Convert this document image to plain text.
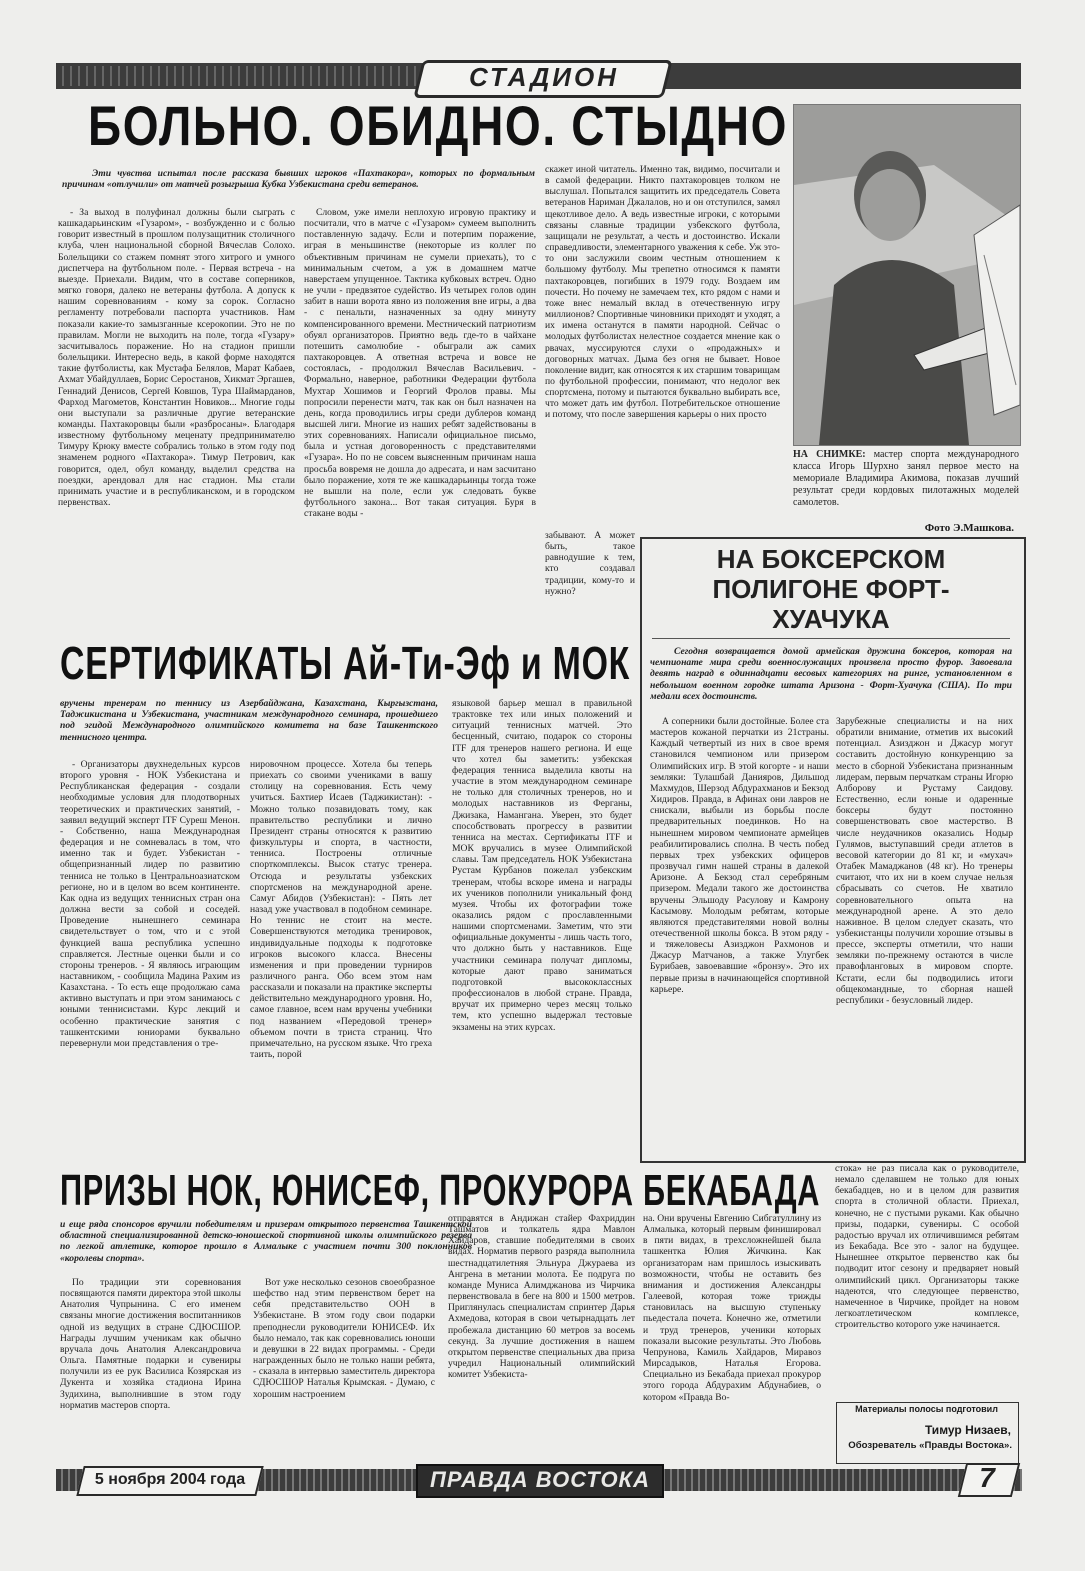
СТАДИОН
БОЛЬНО. ОБИДНО. СТЫДНО
Эти чувства испытал после рассказа бывших игроков «Пахтакора», которых по формальным причинам «отлучили» от матчей розыгрыша Кубка Узбекистана среди ветеранов.

- За выход в полуфинал должны были сыграть с кашкадарьинским «Гузаром», - возбужденно и с болью говорит известный в прошлом полузащитник столичного клуба, член национальной сборной Вячеслав Солохо. Болельщики со стажем помнят этого хитрого и умного диспетчера на футбольном поле. - Первая встреча - на выезде. Приехали. Видим, что в составе соперников, мягко говоря, далеко не ветераны футбола. А допуск к нашим соревнованиям - кому за сорок. Согласно регламенту потребовали паспорта участников. Нам показали какие-то замызганные ксерокопии. Это не по правилам. Могли не выходить на поле, тогда «Гузару» засчитывалось поражение. Но на стадион пришли болельщики. Интересно ведь, в какой форме находятся такие футболисты, как Мустафа Белялов, Марат Кабаев, Ахмат Убайдуллаев, Борис Серостанов, Хикмат Эргашев, Геннадий Денисов, Сергей Ковшов, Тура Шаймарданов, Фарход Магометов, Константин Новиков... Многие годы они выступали за различные другие ветеранские команды. Пахтакоровцы были «разбросаны». Благодаря известному футбольному меценату предпринимателю Тимуру Крюку вместе собрались только в этом году под знаменем родного «Пахтакора». Тимур Петрович, как говорится, одел, обул команду, выделил средства на поездки, арендовал для нас стадион. Мы стали принимать участие и в республиканском, и в городском первенствах.

Словом, уже имели неплохую игровую практику и посчитали, что в матче с «Гузаром» сумеем выполнить поставленную задачу. Если и потерпим поражение, играя в меньшинстве (некоторые из коллег по объективным причинам не сумели приехать), то с минимальным счетом, а уж в домашнем матче наверстаем упущенное. Тактика кубковых встреч. Одно не учли - предвзятое судейство. Из четырех голов один забит в наши ворота явно из положения вне игры, а два - с пенальти, назначенных за одну минуту компенсированного времени. Местнический патриотизм обуял организаторов. Приятно ведь где-то в чайхане потешить самолюбие - обыграли аж самих пахтакоровцев. А ответная встреча и вовсе не состоялась, - продолжил Вячеслав Васильевич. - Формально, наверное, работники Федерации футбола Мухтар Хошимов и Георгий Фролов правы. Мы попросили перенести матч, так как он был назначен на день, когда проводились игры среди дублеров команд высшей лиги. Многие из наших ребят задействованы в этих соревнованиях. Написали официальное письмо, была и устная договоренность с представителями «Гузара». Но по не совсем выясненным причинам наша просьба вовремя не дошла до адресата, и нам засчитано было поражение, хотя те же кашкадарьинцы тогда тоже не вышли на поле, если уж следовать букве футбольного закона... Вот такая ситуация. Буря в стакане воды -

скажет иной читатель. Именно так, видимо, посчитали и в самой федерации. Никто пахтакоровцев толком не выслушал. Попытался защитить их председатель Совета ветеранов Нариман Джалалов, но и он отступился, замял щекотливое дело. А ведь известные игроки, с которыми связаны славные традиции узбекского футбола, защищали не результат, а честь и достоинство. Искали справедливости, элементарного уважения к себе. Уж это-то они заслужили своим честным отношением к большому футболу. Мы трепетно относимся к памяти пахтакоровцев, погибших в 1979 году. Воздаем им почести. Но почему не замечаем тех, кто рядом с нами и тоже внес немалый вклад в отечественную игру миллионов? Спортивные чиновники приходят и уходят, а их имена останутся в памяти народной. Сейчас о молодых футболистах нелестное создается мнение как о рвачах, муссируются слухи о «продажных» и договорных матчах. Дыма без огня не бывает. Новое поколение видит, как относятся к их старшим товарищам по футбольной профессии, понимают, что недолог век спортсмена, потому и пытаются буквально выбирать все, что может дать им футбол. Потребительское отношение и потому, что после завершения карьеры о них просто

забывают. А может быть, такое равнодушие к тем, кто создавал традиции, кому-то и нужно?

НА СНИМКЕ: мастер спорта международного класса Игорь Шурхно занял первое место на мемориале Владимира Акимова, показав лучший результат среди кордовых пилотажных моделей самолетов.
Фото Э.Машкова.
НА БОКСЕРСКОМ
ПОЛИГОНЕ ФОРТ-
ХУАЧУКА
Сегодня возвращается домой армейская дружина боксеров, которая на чемпионате мира среди военнослужащих произвела просто фурор. Завоевала девять наград в одиннадцати весовых категориях на ринге, установленном в небольшом военном городке штата Аризона - Форт-Хуачука (США). По три медали всех достоинств.

А соперники были достойные. Более ста мастеров кожаной перчатки из 21страны. Каждый четвертый из них в свое время становился чемпионом или призером Олимпийских игр. В этой когорте - и наши земляки: Тулашбай Данияров, Дильшод Махмудов, Шерзод Абдурахманов и Бекзод Хидиров. Правда, в Афинах они лавров не снискали, выбыли из борьбы после предварительных поединков. Но на нынешнем мировом чемпионате армейцев реабилитировались сполна. В честь побед первых трех узбекских офицеров прозвучал гимн нашей страны в далекой Аризоне. А Бекзод стал серебряным призером. Медали такого же достоинства вручены Эльшоду Расулову и Камрону Касымову. Молодым ребятам, которые являются представителями новой волны отечественной школы бокса. В этом ряду - и тяжеловесы Азизджон Рахмонов и Джасур Матчанов, а также Улугбек Бурибаев, завоевавшие «бронзу». Это их первые призы в начинающейся спортивной карьере.

Зарубежные специалисты и на них обратили внимание, отметив их высокий потенциал. Азизджон и Джасур могут составить достойную конкуренцию за место в сборной Узбекистана признанным лидерам, первым перчаткам страны Игорю Алборову и Рустаму Саидову. Естественно, если юные и одаренные боксеры будут постоянно совершенствовать свое мастерство. В числе неудачников оказались Нодыр Гулямов, выступавший среди атлетов в весовой категории до 81 кг, и «мухач» Отабек Мамаджанов (48 кг). Но тренеры считают, что их ни в коем случае нельзя сбрасывать со счетов. Не хватило соревновательного опыта на международной арене. А это дело наживное. В целом следует сказать, что узбекистанцы получили хорошие отзывы в прессе, эксперты отметили, что наши земляки по-прежнему остаются в числе правофланговых в мировом спорте. Кстати, если бы подводились итоги общекомандные, то сборная нашей республики - безусловный лидер.

СЕРТИФИКАТЫ Ай-Ти-Эф и МОК
вручены тренерам по теннису из Азербайджана, Казахстана, Кыргызстана, Таджикистана и Узбекистана, участникам международного семинара, прошедшего под эгидой Международного олимпийского комитета на базе Ташкентского теннисного центра.

- Организаторы двухнедельных курсов второго уровня - НОК Узбекистана и Республиканская федерация - создали необходимые условия для плодотворных теоретических и практических занятий, - заявил ведущий эксперт ITF Суреш Менон. - Собственно, наша Международная федерация и не сомневалась в том, что именно так и будет. Узбекистан - общепризнанный лидер по развитию тенниса не только в Центральноазиатском регионе, но и в целом во всем континенте. Как одна из ведущих теннисных стран она должна вести за собой и соседей. Проведение нынешнего семинара свидетельствует о том, что и с этой функцией ваша республика успешно справляется. Лестные оценки были и со стороны тренеров. - Я являюсь играющим наставником, - сообщила Мадина Рахим из Казахстана. - То есть еще продолжаю сама активно выступать и при этом занимаюсь с юными теннисистами. Курс лекций и особенно практические занятия с ташкентскими юниорами буквально перевернули мои представления о тре-

нировочном процессе. Хотела бы теперь приехать со своими учениками в вашу столицу на соревнования. Есть чему учиться. Бахтиер Исаев (Таджикистан): - Можно только позавидовать тому, как правительство республики и лично Президент страны относятся к развитию физкультуры и спорта, в частности, тенниса. Построены отличные спорткомплексы. Высок статус тренера. Отсюда и результаты узбекских спортсменов на международной арене. Самуг Абидов (Узбекистан): - Пять лет назад уже участвовал в подобном семинаре. Но теннис не стоит на месте. Совершенствуются методика тренировок, индивидуальные подходы к подготовке игроков высокого класса. Внесены изменения и при проведении турниров различного ранга. Обо всем этом нам рассказали и показали на практике эксперты действительно международного уровня. Но, самое главное, всем нам вручены учебники под названием «Передовой тренер» объемом почти в триста страниц. Что примечательно, на русском языке. Что греха таить, порой

языковой барьер мешал в правильной трактовке тех или иных положений и ситуаций теннисных матчей. Это бесценный, считаю, подарок со стороны ITF для тренеров нашего региона. И еще что хотел бы заметить: узбекская федерация тенниса выделила квоты на участие в этом международном семинаре не только для столичных тренеров, но и молодых наставников из Ферганы, Джизака, Намангана. Уверен, это будет способствовать прогрессу в развитии тенниса на местах. Сертификаты ITF и МОК вручались в музее Олимпийской славы. Там председатель НОК Узбекистана Рустам Курбанов пожелал узбекским тренерам, чтобы вскоре имена и награды их учеников пополнили уникальный фонд музея. Чтобы их фотографии тоже оказались рядом с прославленными нашими спортсменами. Заметим, что эти официальные документы - лишь часть того, что должно быть у наставников. Еще участники семинара получат дипломы, которые дают право заниматься подготовкой высококлассных профессионалов в любой стране. Правда, вручат их примерно через месяц только тем, кто успешно выдержал тестовые экзамены на этих курсах.

ПРИЗЫ НОК, ЮНИСЕФ, ПРОКУРОРА БЕКАБАДА
и еще ряда спонсоров вручили победителям и призерам открытого первенства Ташкентской областной специализированной детско-юношеской спортивной школы олимпийского резерва по легкой атлетике, которое прошло в Алмалыке с участием почти 300 поклонников «королевы спорта».

По традиции эти соревнования посвящаются памяти директора этой школы Анатолия Чупрынина. С его именем связаны многие достижения воспитанников одной из ведущих в стране СДЮСШОР. Награды лучшим ученикам как обычно вручала дочь Анатолия Александровича Ольга. Памятные подарки и сувениры получили из ее рук Василиса Козярская из Дукента и хозяйка стадиона Ирина Зудихина, выполнившие в этом году норматив мастеров спорта.

Вот уже несколько сезонов своеобразное шефство над этим первенством берет на себя представительство ООН в Узбекистане. В этом году свои подарки преподнесли руководители ЮНИСЕФ. Их было немало, так как соревновались юноши и девушки в 22 видах программы. - Среди награжденных было не только наши ребята, - сказала в интервью заместитель директора СДЮСШОР Наталья Крымская. - Думаю, с хорошим настроением

отправятся в Андижан стайер Фахриддин Ташматов и толкатель ядра Мавлон Хайдаров, ставшие победителями в своих видах. Норматив первого разряда выполнила шестнадцатилетняя Эльнура Джураева из Ангрена в метании молота. Ее подруга по команде Муниса Алимджанова из Чирчика первенствовала в беге на 800 и 1500 метров. Приглянулась специалистам спринтер Дарья Ахмедова, которая в свои четырнадцать лет пробежала дистанцию 60 метров за восемь секунд. За лучшие достижения в нашем открытом первенстве специальных два приза учредил Национальный олимпийский комитет Узбекиста-

на. Они вручены Евгению Сибгатуллину из Алмалыка, который первым финишировал в пяти видах, в трехсложнейшей была ташкентка Юлия Жичкина. Как организаторам нам пришлось изыскивать возможности, чтобы не оставить без внимания и достижения Александры Галеевой, которая тоже трижды становилась на высшую ступеньку пьедестала почета. Конечно же, отметили и труд тренеров, ученики которых показали высокие результаты. Это Любовь Чепрунова, Камиль Хайдаров, Миравоз Мирсадыков, Наталья Егорова. Специально из Бекабада приехал прокурор этого города Абдурахим Абдунабиев, о котором «Правда Во-

стока» не раз писала как о руководителе, немало сделавшем не только для юных бекабадцев, но и в целом для развития спорта в столичной области. Приехал, конечно, не с пустыми руками. Как обычно призы, подарки, сувениры. С особой радостью вручал их отличившимся ребятам из Бекабада. Все это - залог на будущее. Нынешнее открытое первенство как бы подводит итог сезону и предваряет новый олимпийский цикл. Организаторы также надеются, что следующее первенство, намеченное в Чирчике, пройдет на новом легкоатлетическом комплексе, строительство которого уже начинается.

Материалы полосы подготовил
Тимур Низаев,
Обозреватель «Правды Востока».
5 ноября 2004 года	ПРАВДА ВОСТОКА	7
